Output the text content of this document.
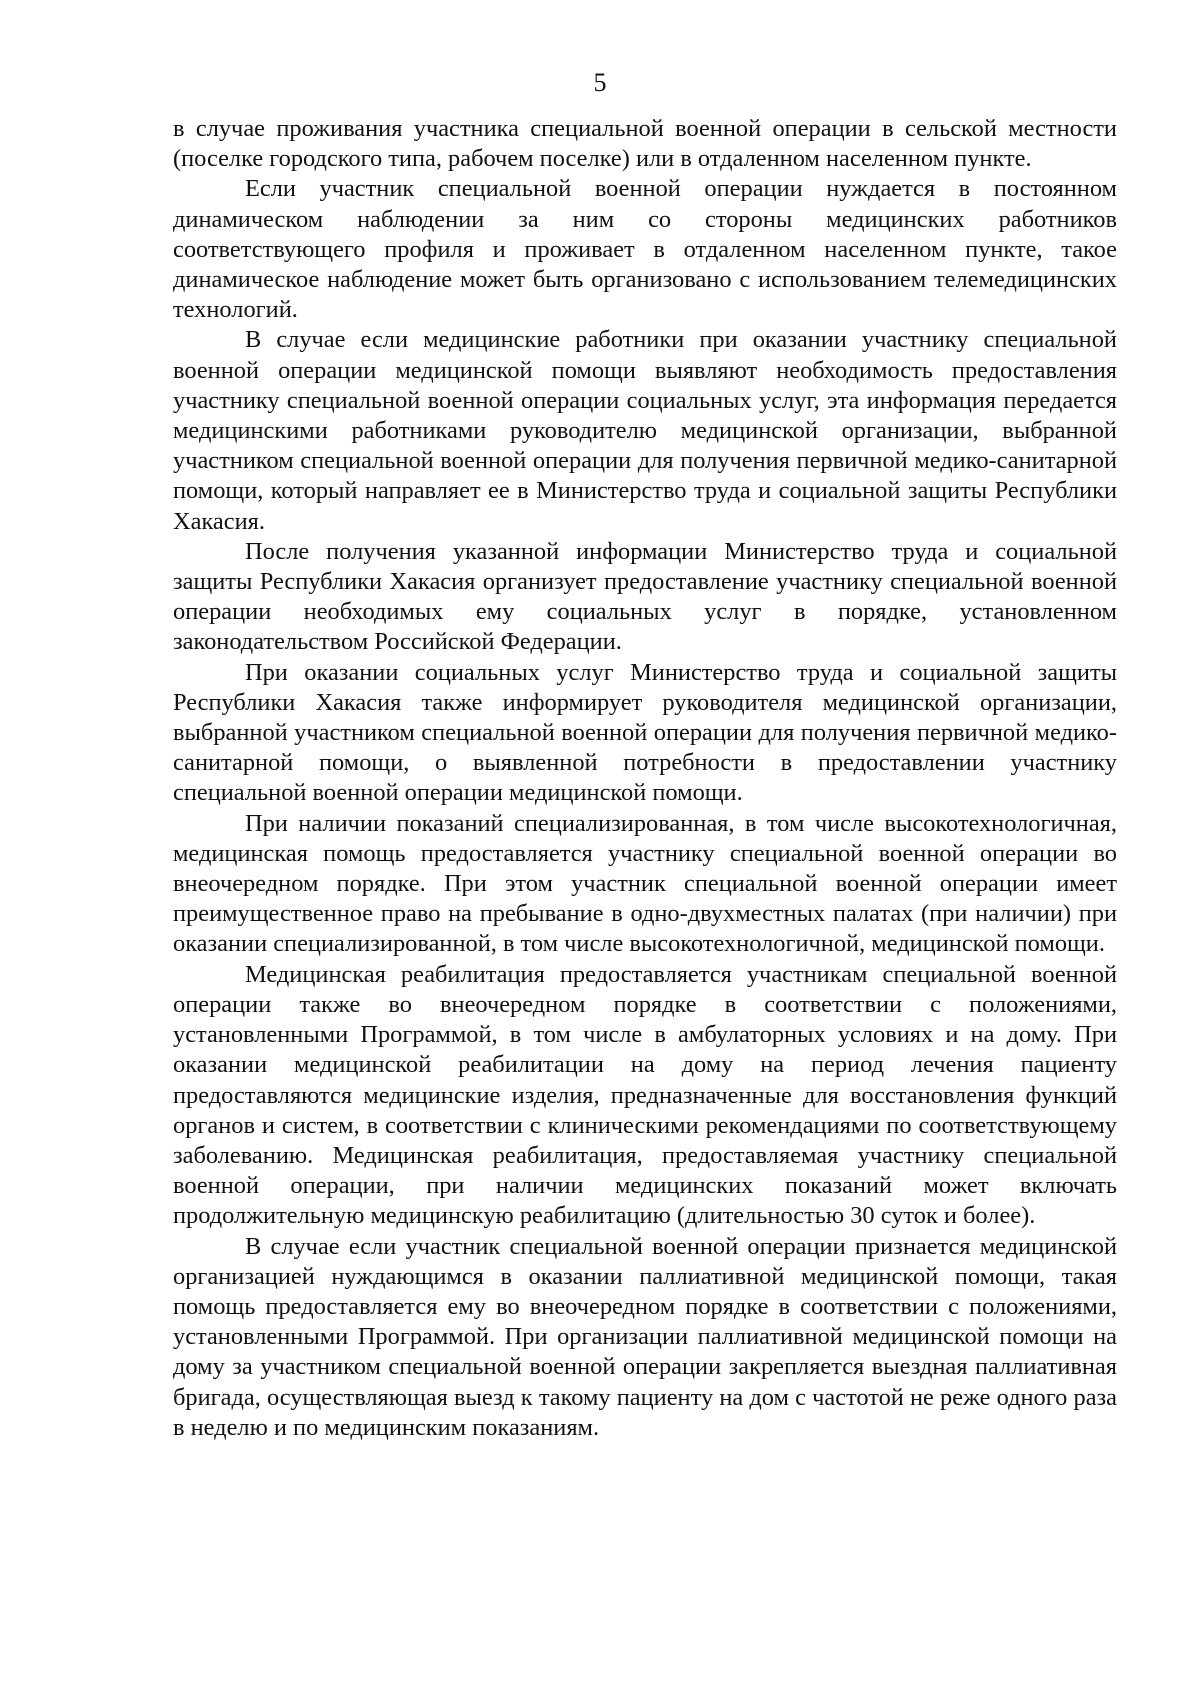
5

в случае проживания участника специальной военной операции в сельской местности (поселке городского типа, рабочем поселке) или в отдаленном населенном пункте.

Если участник специальной военной операции нуждается в постоянном динамическом наблюдении за ним со стороны медицинских работников соответствующего профиля и проживает в отдаленном населенном пункте, такое динамическое наблюдение может быть организовано с использованием телемедицинских технологий.

В случае если медицинские работники при оказании участнику специальной военной операции медицинской помощи выявляют необходимость предоставления участнику специальной военной операции социальных услуг, эта информация передается медицинскими работниками руководителю медицинской организации, выбранной участником специальной военной операции для получения первичной медико-санитарной помощи, который направляет ее в Министерство труда и социальной защиты Республики Хакасия.

После получения указанной информации Министерство труда и социальной защиты Республики Хакасия организует предоставление участнику специальной военной операции необходимых ему социальных услуг в порядке, установленном законодательством Российской Федерации.

При оказании социальных услуг Министерство труда и социальной защиты Республики Хакасия также информирует руководителя медицинской организации, выбранной участником специальной военной операции для получения первичной медико-санитарной помощи, о выявленной потребности в предоставлении участнику специальной военной операции медицинской помощи.

При наличии показаний специализированная, в том числе высокотехнологичная, медицинская помощь предоставляется участнику специальной военной операции во внеочередном порядке. При этом участник специальной военной операции имеет преимущественное право на пребывание в одно-двухместных палатах (при наличии) при оказании специализированной, в том числе высокотехнологичной, медицинской помощи.

Медицинская реабилитация предоставляется участникам специальной военной операции также во внеочередном порядке в соответствии с положениями, установленными Программой, в том числе в амбулаторных условиях и на дому. При оказании медицинской реабилитации на дому на период лечения пациенту предоставляются медицинские изделия, предназначенные для восстановления функций органов и систем, в соответствии с клиническими рекомендациями по соответствующему заболеванию. Медицинская реабилитация, предоставляемая участнику специальной военной операции, при наличии медицинских показаний может включать продолжительную медицинскую реабилитацию (длительностью 30 суток и более).

В случае если участник специальной военной операции признается медицинской организацией нуждающимся в оказании паллиативной медицинской помощи, такая помощь предоставляется ему во внеочередном порядке в соответствии с положениями, установленными Программой. При организации паллиативной медицинской помощи на дому за участником специальной военной операции закрепляется выездная паллиативная бригада, осуществляющая выезд к такому пациенту на дом с частотой не реже одного раза в неделю и по медицинским показаниям.
